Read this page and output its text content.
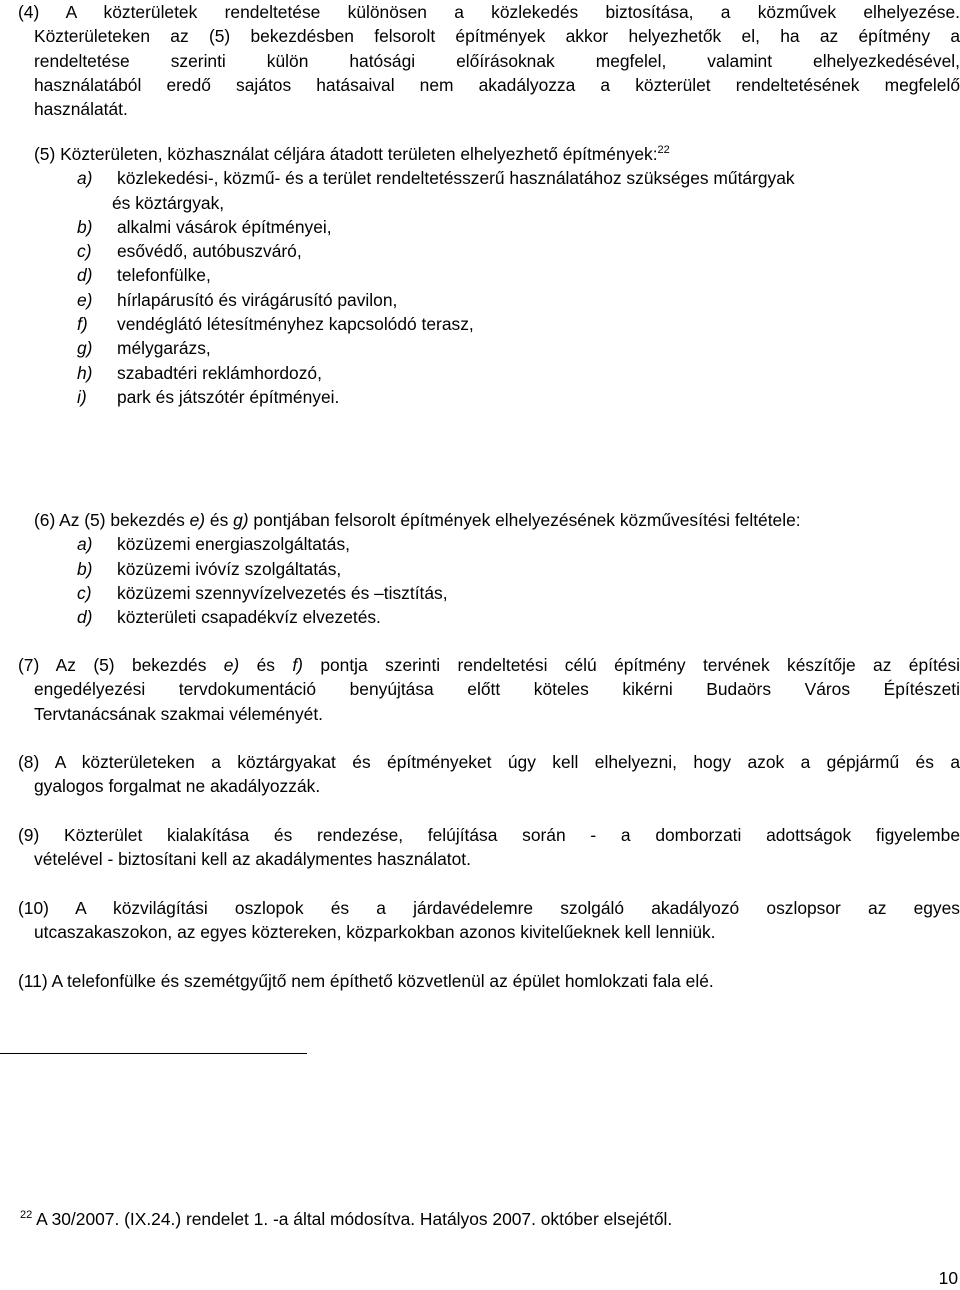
(4) A közterületek rendeltetése különösen a közlekedés biztosítása, a közművek elhelyezése.

Közterületeken az (5) bekezdésben felsorolt építmények akkor helyezhetők el, ha az építmény a

rendeltetése szerinti külön hatósági előírásoknak megfelel, valamint elhelyezkedésével,

használatából eredő sajátos hatásaival nem akadályozza a közterület rendeltetésének megfelelő

használatát.

(5) Közterületen, közhasználat céljára átadott területen elhelyezhető építmények:$^{22}$

a)	közlekedési-, közmű- és a terület rendeltetésszerű használatához szükséges műtárgyak
és köztárgyak,
b)	alkalmi vásárok építményei,
c)	esővédő, autóbuszváró,
d)	telefonfülke,
e)	hírlapárusító és virágárusító pavilon,
f)	vendéglátó létesítményhez kapcsolódó terasz,
g)	mélygarázs,
h)	szabadtéri reklámhordozó,
i)	park és játszótér építményei.

(6) Az (5) bekezdés e) és g) pontjában felsorolt építmények elhelyezésének közművesítési feltétele:

a)	közüzemi energiaszolgáltatás,
b)	közüzemi ivóvíz szolgáltatás,
c)	közüzemi szennyvízelvezetés és –tisztítás,
d)	közterületi csapadékvíz elvezetés.

(7) Az (5) bekezdés e) és f) pontja szerinti rendeltetési célú építmény tervének készítője az építési

engedélyezési tervdokumentáció benyújtása előtt köteles kikérni Budaörs Város Építészeti

Tervtanácsának szakmai véleményét.

(8) A közterületeken a köztárgyakat és építményeket úgy kell elhelyezni, hogy azok a gépjármű és a

gyalogos forgalmat ne akadályozzák.

(9) Közterület kialakítása és rendezése, felújítása során - a domborzati adottságok figyelembe

vételével - biztosítani kell az akadálymentes használatot.

(10) A közvilágítási oszlopok és a járdavédelemre szolgáló akadályozó oszlopsor az egyes

utcaszakaszokon, az egyes köztereken, közparkokban azonos kivitelűeknek kell lenniük.

(11) A telefonfülke és szemétgyűjtő nem építhető közvetlenül az épület homlokzati fala elé.

$^{22}$ A 30/2007. (IX.24.) rendelet 1. -a által módosítva. Hatályos 2007. október elsejétől.
10
